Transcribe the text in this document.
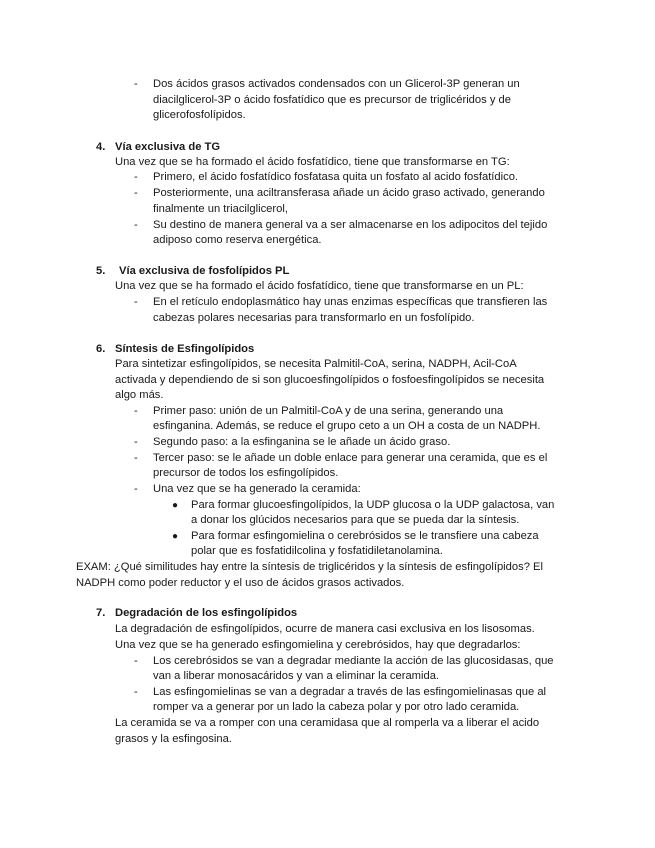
- Dos ácidos grasos activados condensados con un Glicerol-3P generan un
diacilglicerol-3P o ácido fosfatídico que es precursor de triglicéridos y de
glicerofosfolípidos.
4. Vía exclusiva de TG
Una vez que se ha formado el ácido fosfatídico, tiene que transformarse en TG:
- Primero, el ácido fosfatídico fosfatasa quita un fosfato al acido fosfatídico.
- Posteriormente, una aciltransferasa añade un ácido graso activado, generando
finalmente un triacilglicerol,
- Su destino de manera general va a ser almacenarse en los adipocitos del tejido
adiposo como reserva energética.
5. Vía exclusiva de fosfolípidos PL
Una vez que se ha formado el ácido fosfatídico, tiene que transformarse en un PL:
- En el retículo endoplasmático hay unas enzimas específicas que transfieren las
cabezas polares necesarias para transformarlo en un fosfolípido.
6. Síntesis de Esfingolípidos
Para sintetizar esfingolípidos, se necesita Palmitil-CoA, serina, NADPH, Acil-CoA
activada y dependiendo de si son glucoesfingolípidos o fosfoesfingolípidos se necesita
algo más.
- Primer paso: unión de un Palmitil-CoA y de una serina, generando una
esfinganina. Además, se reduce el grupo ceto a un OH a costa de un NADPH.
- Segundo paso: a la esfinganina se le añade un ácido graso.
- Tercer paso: se le añade un doble enlace para generar una ceramida, que es el
precursor de todos los esfingolípidos.
- Una vez que se ha generado la ceramida:
● Para formar glucoesfingolípidos, la UDP glucosa o la UDP galactosa, van
a donar los glúcidos necesarios para que se pueda dar la síntesis.
● Para formar esfingomielina o cerebrósidos se le transfiere una cabeza
polar que es fosfatidilcolina y fosfatidiletanolamina.
EXAM: ¿Qué similitudes hay entre la síntesis de triglicéridos y la síntesis de esfingolípidos? El
NADPH como poder reductor y el uso de ácidos grasos activados.
7. Degradación de los esfingolípidos
La degradación de esfingolípidos, ocurre de manera casi exclusiva en los lisosomas.
Una vez que se ha generado esfingomielina y cerebrósidos, hay que degradarlos:
- Los cerebrósidos se van a degradar mediante la acción de las glucosidasas, que
van a liberar monosacáridos y van a eliminar la ceramida.
- Las esfingomielinas se van a degradar a través de las esfingomielinasas que al
romper va a generar por un lado la cabeza polar y por otro lado ceramida.
La ceramida se va a romper con una ceramidasa que al romperla va a liberar el acido
grasos y la esfingosina.
